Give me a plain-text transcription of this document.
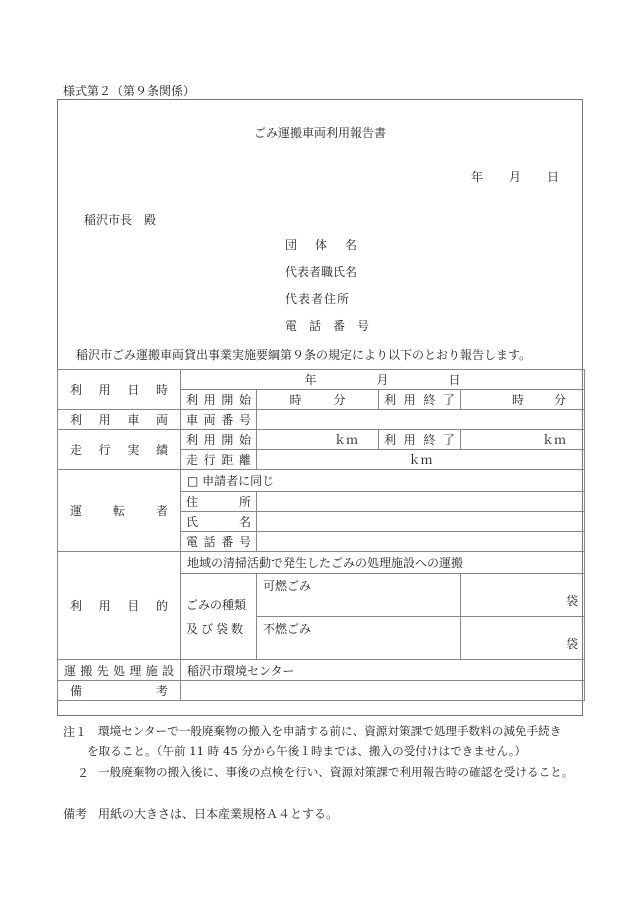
様式第２（第９条関係）
ごみ運搬車両利用報告書
年 月 日
稲沢市長　殿
団　体　名
代表者職氏名
代表者住所
電　話　番　号
稲沢市ごみ運搬車両貸出事業実施要綱第９条の規定により以下のとおり報告します。
利用日時	年 月 日			
	利用開始	時 分	利用終了	時 分
利用車両	車両番号			
走行実績	利用開始	ｋｍ	利用終了	ｋｍ
	走行距離	ｋｍ		
運転者	□ 申請者に同じ			
	住所			
	氏名			
	電話番号			
利用目的	地域の清掃活動で発生したごみの処理施設への運搬			

	ごみの種類
及び袋数	可燃ごみ		袋
		不燃ごみ		袋
運搬先処理施設	稲沢市環境センター			
備考				
注１ 環境センターで一般廃棄物の搬入を申請する前に、資源対策課で処理手数料の減免手続き
を取ること。（午前 11 時 45 分から午後１時までは、搬入の受付けはできません。）
２ 一般廃棄物の搬入後に、事後の点検を行い、資源対策課で利用報告時の確認を受けること。
備考 用紙の大きさは、日本産業規格Ａ４とする。
